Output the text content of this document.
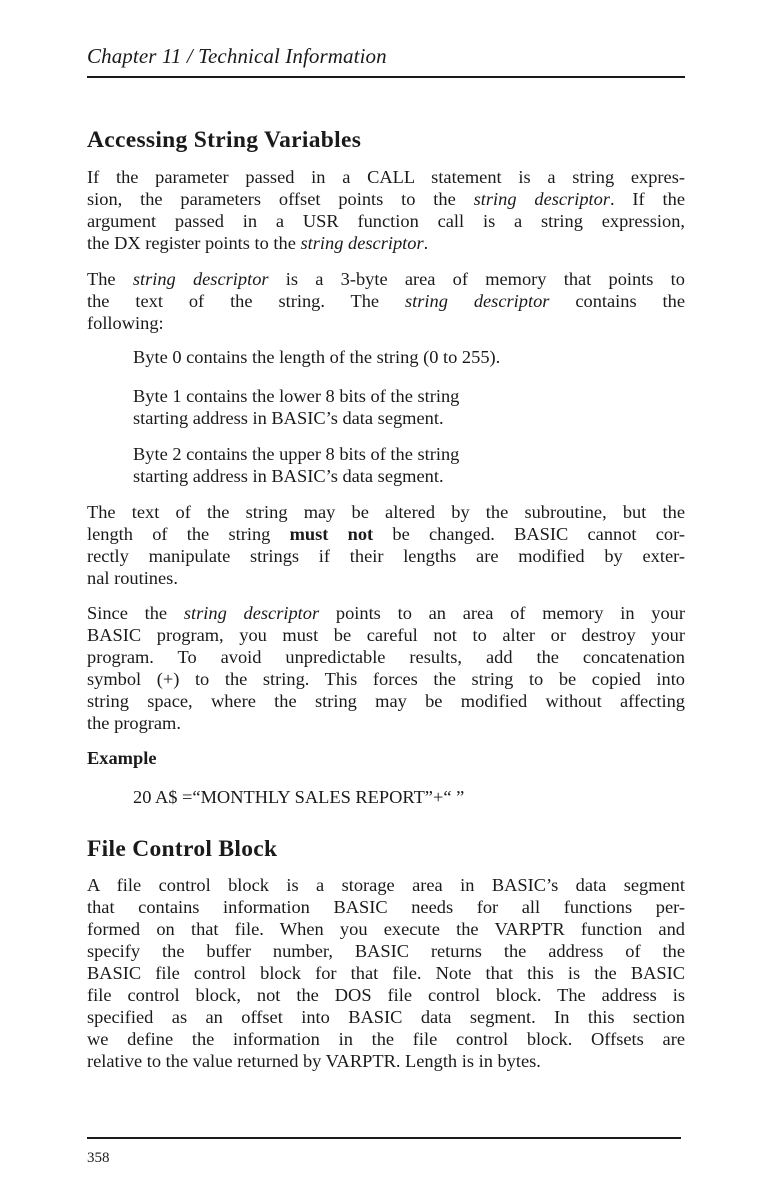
Chapter 11 / Technical Information
Accessing String Variables
If the parameter passed in a CALL statement is a string expres-
sion, the parameters offset points to the string descriptor. If the
argument passed in a USR function call is a string expression,
the DX register points to the string descriptor.
The string descriptor is a 3-byte area of memory that points to
the text of the string. The string descriptor contains the
following:
Byte 0 contains the length of the string (0 to 255).
Byte 1 contains the lower 8 bits of the string
starting address in BASIC’s data segment.
Byte 2 contains the upper 8 bits of the string
starting address in BASIC’s data segment.
The text of the string may be altered by the subroutine, but the
length of the string must not be changed. BASIC cannot cor-
rectly manipulate strings if their lengths are modified by exter-
nal routines.
Since the string descriptor points to an area of memory in your
BASIC program, you must be careful not to alter or destroy your
program. To avoid unpredictable results, add the concatenation
symbol (+) to the string. This forces the string to be copied into
string space, where the string may be modified without affecting
the program.
Example
20 A$ =“MONTHLY SALES REPORT”+“ ”
File Control Block
A file control block is a storage area in BASIC’s data segment
that contains information BASIC needs for all functions per-
formed on that file. When you execute the VARPTR function and
specify the buffer number, BASIC returns the address of the
BASIC file control block for that file. Note that this is the BASIC
file control block, not the DOS file control block. The address is
specified as an offset into BASIC data segment. In this section
we define the information in the file control block. Offsets are
relative to the value returned by VARPTR. Length is in bytes.
358
